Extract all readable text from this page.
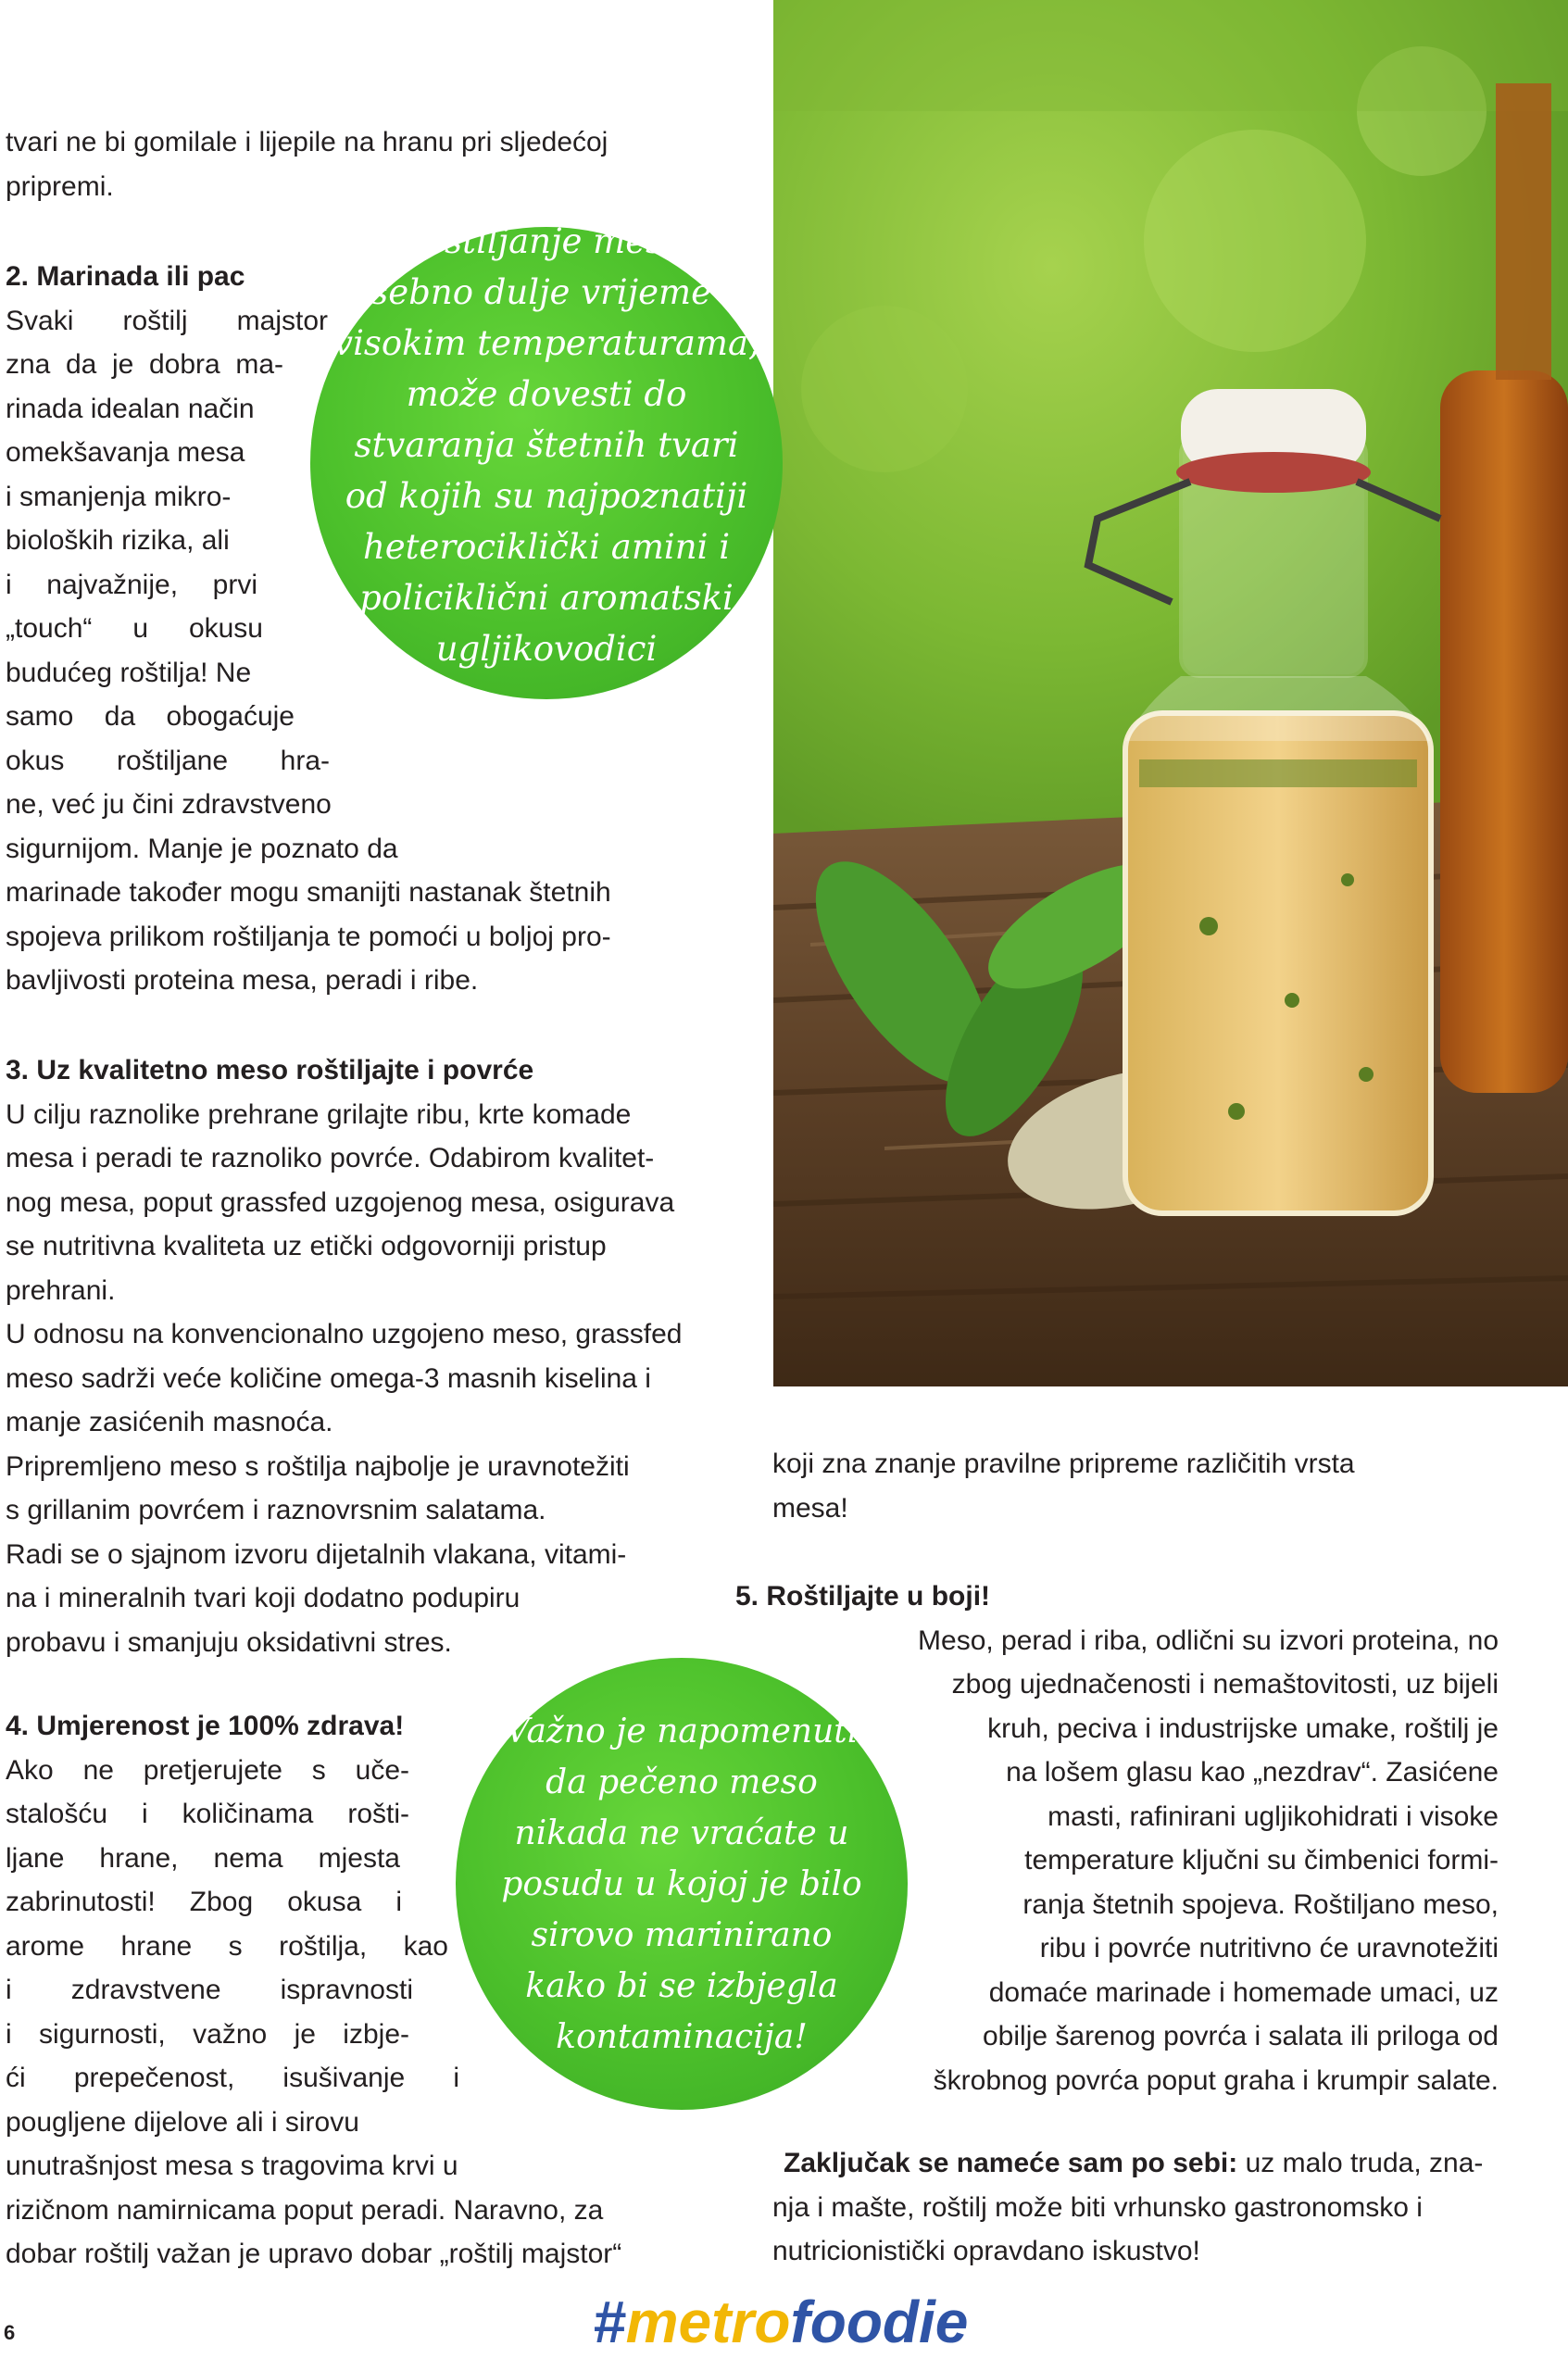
tvari ne bi gomilale i lijepile na hranu pri sljedećoj
pripremi.
2. Marinada ili pac
Svaki roštilj majstor
zna da je dobra ma-
rinada idealan način
omekšavanja mesa
i smanjenja mikro-
bioloških rizika, ali
i najvažnije, prvi
„touch“ u okusu
budućeg roštilja! Ne
samo da obogaćuje
okus roštiljane hra-
ne, već ju čini zdravstveno
sigurnijom. Manje je poznato da
marinade također mogu smanijti nastanak štetnih
spojeva prilikom roštiljanja te pomoći u boljoj pro-
bavljivosti proteina mesa, peradi i ribe.

Roštiljanje mesa,
posebno dulje vrijeme na
visokim temperaturama,
može dovesti do
stvaranja štetnih tvari
od kojih su najpoznatiji
heterociklički amini i
policiklični aromatski
ugljikovodici

3. Uz kvalitetno meso roštiljajte i povrće
U cilju raznolike prehrane grilajte ribu, krte komade
mesa i peradi te raznoliko povrće. Odabirom kvalitet-
nog mesa, poput grassfed uzgojenog mesa, osigurava
se nutritivna kvaliteta uz etički odgovorniji pristup
prehrani.
U odnosu na konvencionalno uzgojeno meso, grassfed
meso sadrži veće količine omega-3 masnih kiselina i
manje zasićenih masnoća.
Pripremljeno meso s roštilja najbolje je uravnotežiti
s grillanim povrćem i raznovrsnim salatama.
Radi se o sjajnom izvoru dijetalnih vlakana, vitami-
na i mineralnih tvari koji dodatno podupiru
probavu i smanjuju oksidativni stres.
4. Umjerenost je 100% zdrava!
Ako ne pretjerujete s uče-
stalošću i količinama rošti-
ljane hrane, nema mjesta
zabrinutosti! Zbog okusa i
arome hrane s roštilja, kao
i zdravstvene ispravnosti
i sigurnosti, važno je izbje-
ći prepečenost, isušivanje i
pougljene dijelove ali i sirovu
unutrašnjost mesa s tragovima krvi u
rizičnom namirnicama poput peradi. Naravno, za
dobar roštilj važan je upravo dobar „roštilj majstor“

Važno je napomenuti
da pečeno meso
nikada ne vraćate u
posudu u kojoj je bilo
sirovo marinirano
kako bi se izbjegla
kontaminacija!

koji zna znanje pravilne pripreme različitih vrsta
mesa!
5. Roštiljajte u boji!
Meso, perad i riba, odlični su izvori proteina, no
zbog ujednačenosti i nemaštovitosti, uz bijeli
kruh, peciva i industrijske umake, roštilj je
na lošem glasu kao „nezdrav“. Zasićene
masti, rafinirani ugljikohidrati i visoke
temperature ključni su čimbenici formi-
ranja štetnih spojeva. Roštiljano meso,
ribu i povrće nutritivno će uravnotežiti
domaće marinade i homemade umaci, uz
obilje šarenog povrća i salata ili priloga od
škrobnog povrća poput graha i krumpir salate.
Zaključak se nameće sam po sebi: uz malo truda, zna-
nja i mašte, roštilj može biti vrhunsko gastronomsko i
nutricionistički opravdano iskustvo!
6	#metrofoodie
